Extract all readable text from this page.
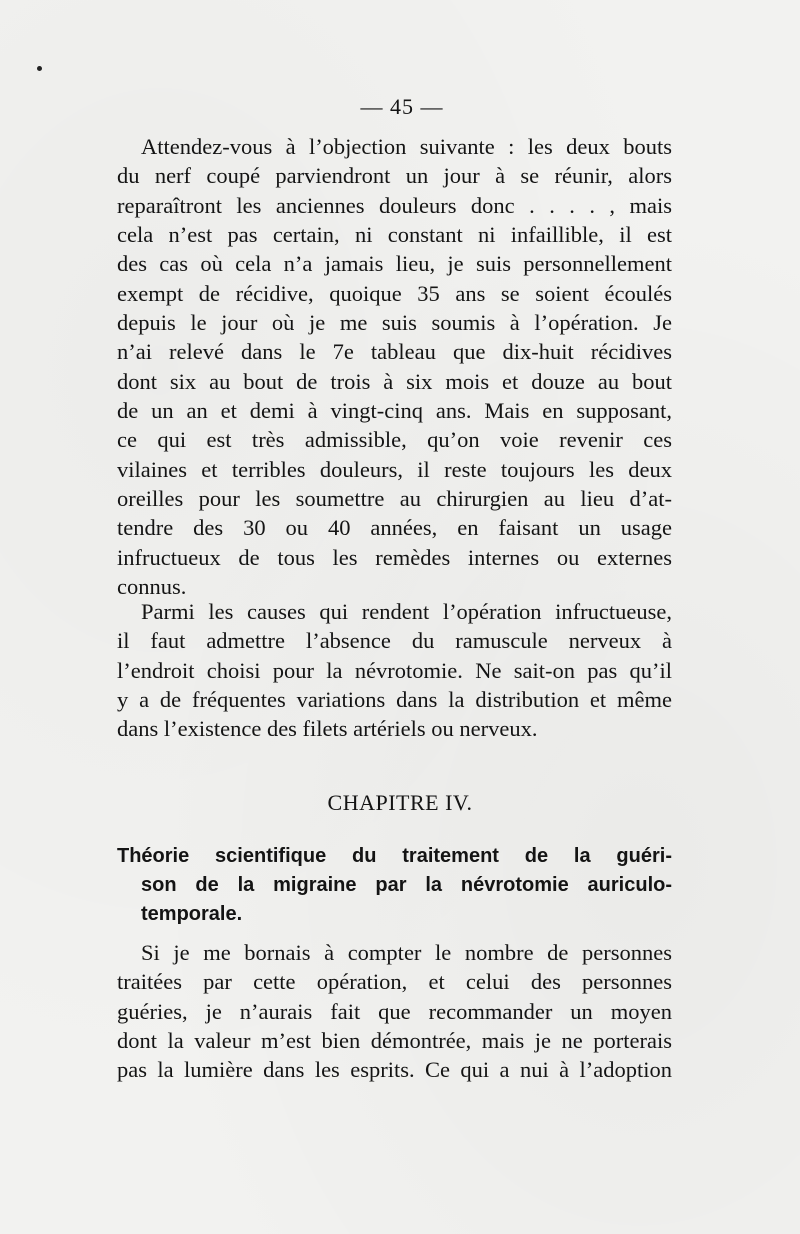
— 45 —
Attendez-vous à l’objection suivante : les deux bouts
du nerf coupé parviendront un jour à se réunir, alors
reparaîtront les anciennes douleurs donc . . . . , mais
cela n’est pas certain, ni constant ni infaillible, il est
des cas où cela n’a jamais lieu, je suis personnellement
exempt de récidive, quoique 35 ans se soient écoulés
depuis le jour où je me suis soumis à l’opération. Je
n’ai relevé dans le 7e tableau que dix-huit récidives
dont six au bout de trois à six mois et douze au bout
de un an et demi à vingt-cinq ans. Mais en supposant,
ce qui est très admissible, qu’on voie revenir ces
vilaines et terribles douleurs, il reste toujours les deux
oreilles pour les soumettre au chirurgien au lieu d’at-
tendre des 30 ou 40 années, en faisant un usage
infructueux de tous les remèdes internes ou externes
connus.
Parmi les causes qui rendent l’opération infructueuse,
il faut admettre l’absence du ramuscule nerveux à
l’endroit choisi pour la névrotomie. Ne sait-on pas qu’il
y a de fréquentes variations dans la distribution et même
dans l’existence des filets artériels ou nerveux.
CHAPITRE IV.
Théorie scientifique du traitement de la guéri-
son de la migraine par la névrotomie auriculo-
temporale.
Si je me bornais à compter le nombre de personnes
traitées par cette opération, et celui des personnes
guéries, je n’aurais fait que recommander un moyen
dont la valeur m’est bien démontrée, mais je ne porterais
pas la lumière dans les esprits. Ce qui a nui à l’adoption
